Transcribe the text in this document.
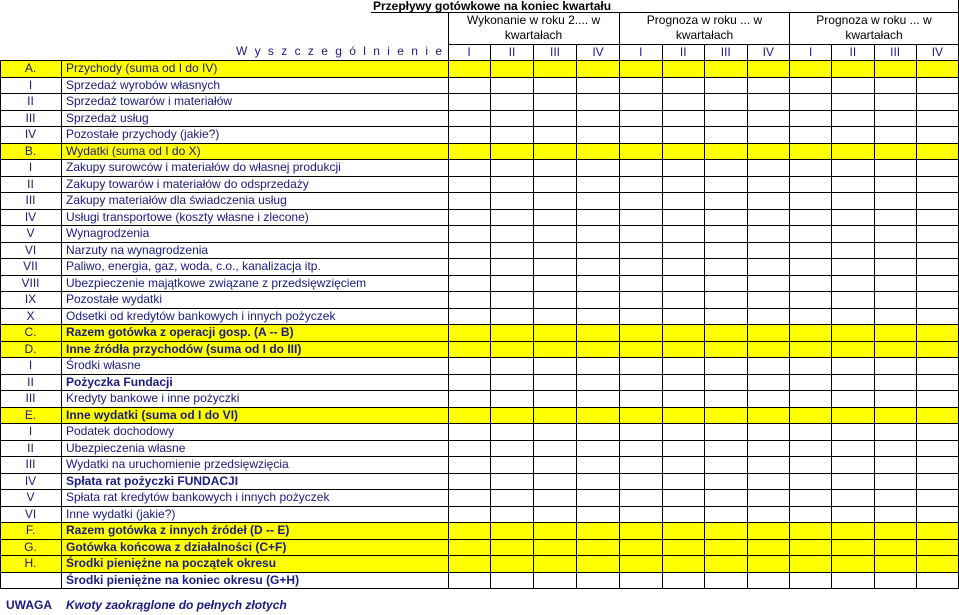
Przepływy gotówkowe na koniec kwartału
Wykonanie w roku 2.... w
kwartałach
Prognoza w roku ... w
kwartałach
Prognoza w roku ... w
kwartałach
W y s z c z e g ó l n i e n i e	I	II	III	IV	I	II	III	IV	I	II	III	IV
A.	Przychody (suma od I do IV)
I	Sprzedaż wyrobów własnych
II	Sprzedaż towarów i materiałów
III	Sprzedaż usług
IV	Pozostałe przychody (jakie?)
B.	Wydatki (suma od I do X)
I	Zakupy surowców i materiałów do własnej produkcji
II	Zakupy towarów i materiałów do odsprzedaży
III	Zakupy materiałów dla świadczenia usług
IV	Usługi transportowe (koszty własne i zlecone)
V	Wynagrodzenia
VI	Narzuty na wynagrodzenia
VII	Paliwo, energia, gaz, woda, c.o., kanalizacja itp.
VIII	Ubezpieczenie majątkowe związane z przedsięwzięciem
IX	Pozostałe wydatki
X	Odsetki od kredytów bankowych i innych pożyczek
C.	Razem gotówka z operacji gosp. (A -- B)
D.	Inne źródła przychodów (suma od I do III)
I	Środki własne
II	Pożyczka Fundacji
III	Kredyty bankowe i inne pożyczki
E.	Inne wydatki (suma od I do VI)
I	Podatek dochodowy
II	Ubezpieczenia własne
III	Wydatki na uruchomienie przedsięwzięcia
IV	Spłata rat pożyczki FUNDACJI
V	Spłata rat kredytów bankowych i innych pożyczek
VI	Inne wydatki (jakie?)
F.	Razem gotówka z innych źródeł (D -- E)
G.	Gotówka końcowa z działalności (C+F)
H.	Środki pieniężne na początek okresu
Środki pieniężne na koniec okresu (G+H)
UWAGA Kwoty zaokrąglone do pełnych złotych
